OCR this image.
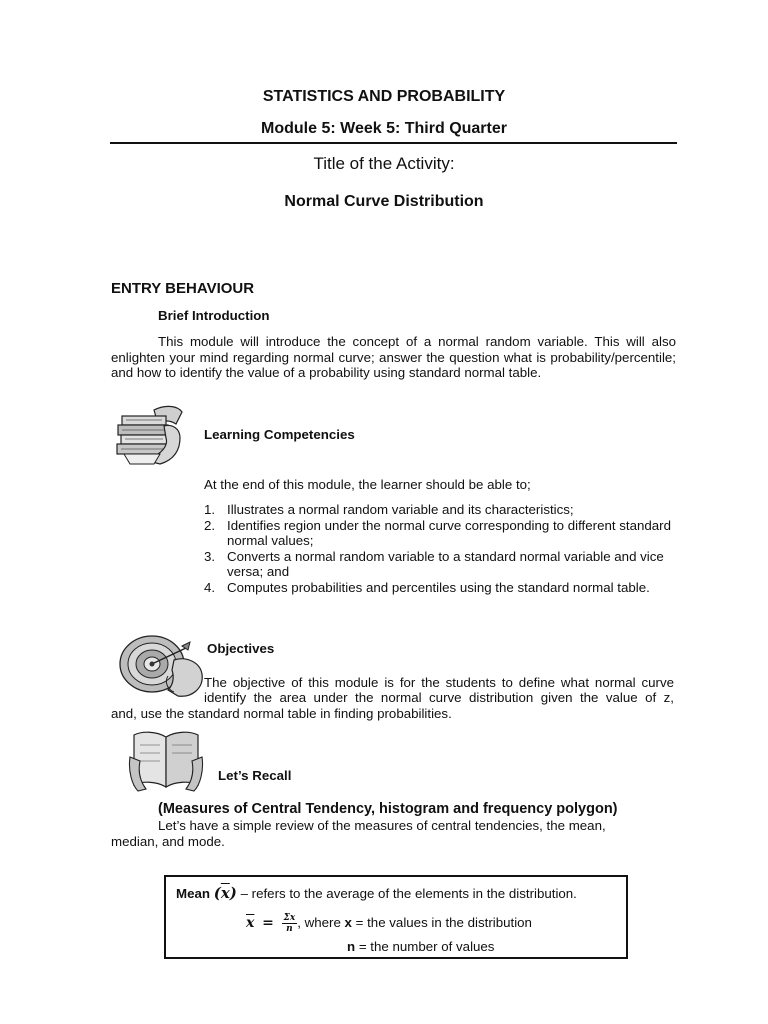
STATISTICS AND PROBABILITY
Module 5: Week 5: Third Quarter
Title of the Activity:
Normal Curve Distribution
ENTRY BEHAVIOUR
Brief Introduction
This module will introduce the concept of a normal random variable. This will also enlighten your mind regarding normal curve; answer the question what is probability/percentile; and how to identify the value of a probability using standard normal table.
Learning Competencies
At the end of this module, the learner should be able to;
1. Illustrates a normal random variable and its characteristics;
2. Identifies region under the normal curve corresponding to different standard normal values;
3. Converts a normal random variable to a standard normal variable and vice versa; and
4. Computes probabilities and percentiles using the standard normal table.
Objectives
The objective of this module is for the students to define what normal curve
identify the area under the normal curve distribution given the value of z,
and, use the standard normal table in finding probabilities.
Let’s Recall
(Measures of Central Tendency, histogram and frequency polygon)
Let’s have a simple review of the measures of central tendencies, the mean,
median, and mode.
Mean $(\overline{x})$ – refers to the average of the elements in the distribution.
$\overline{x} = \frac{\Sigma x}{n}$ , where x = the values in the distribution
n = the number of values
